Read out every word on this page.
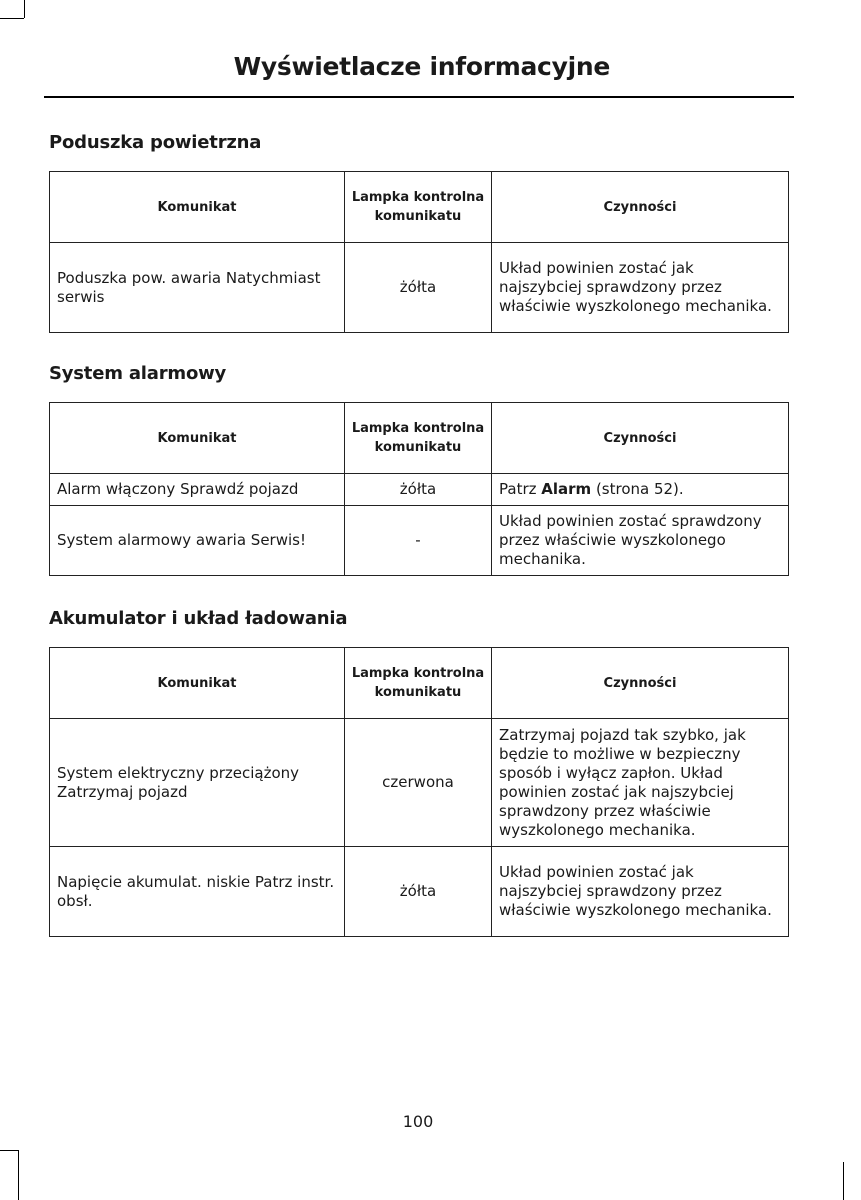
Wyświetlacze informacyjne
Poduszka powietrzna
Komunikat	Lampka kontrolna komunikatu	Czynności
Poduszka pow. awaria Natychmiast serwis	żółta	Układ powinien zostać jak najszybciej sprawdzony przez właściwie wyszkolonego mechanika.
System alarmowy
Komunikat	Lampka kontrolna komunikatu	Czynności
Alarm włączony Sprawdź pojazd	żółta	Patrz Alarm (strona 52).
System alarmowy awaria Serwis!	-	Układ powinien zostać sprawdzony przez właściwie wyszkolonego mechanika.
Akumulator i układ ładowania
Komunikat	Lampka kontrolna komunikatu	Czynności
System elektryczny przeciążony Zatrzymaj pojazd	czerwona	Zatrzymaj pojazd tak szybko, jak będzie to możliwe w bezpieczny sposób i wyłącz zapłon. Układ powinien zostać jak najszybciej sprawdzony przez właściwie wyszkolonego mechanika.
Napięcie akumulat. niskie Patrz instr. obsł.	żółta	Układ powinien zostać jak najszybciej sprawdzony przez właściwie wyszkolonego mechanika.
100
